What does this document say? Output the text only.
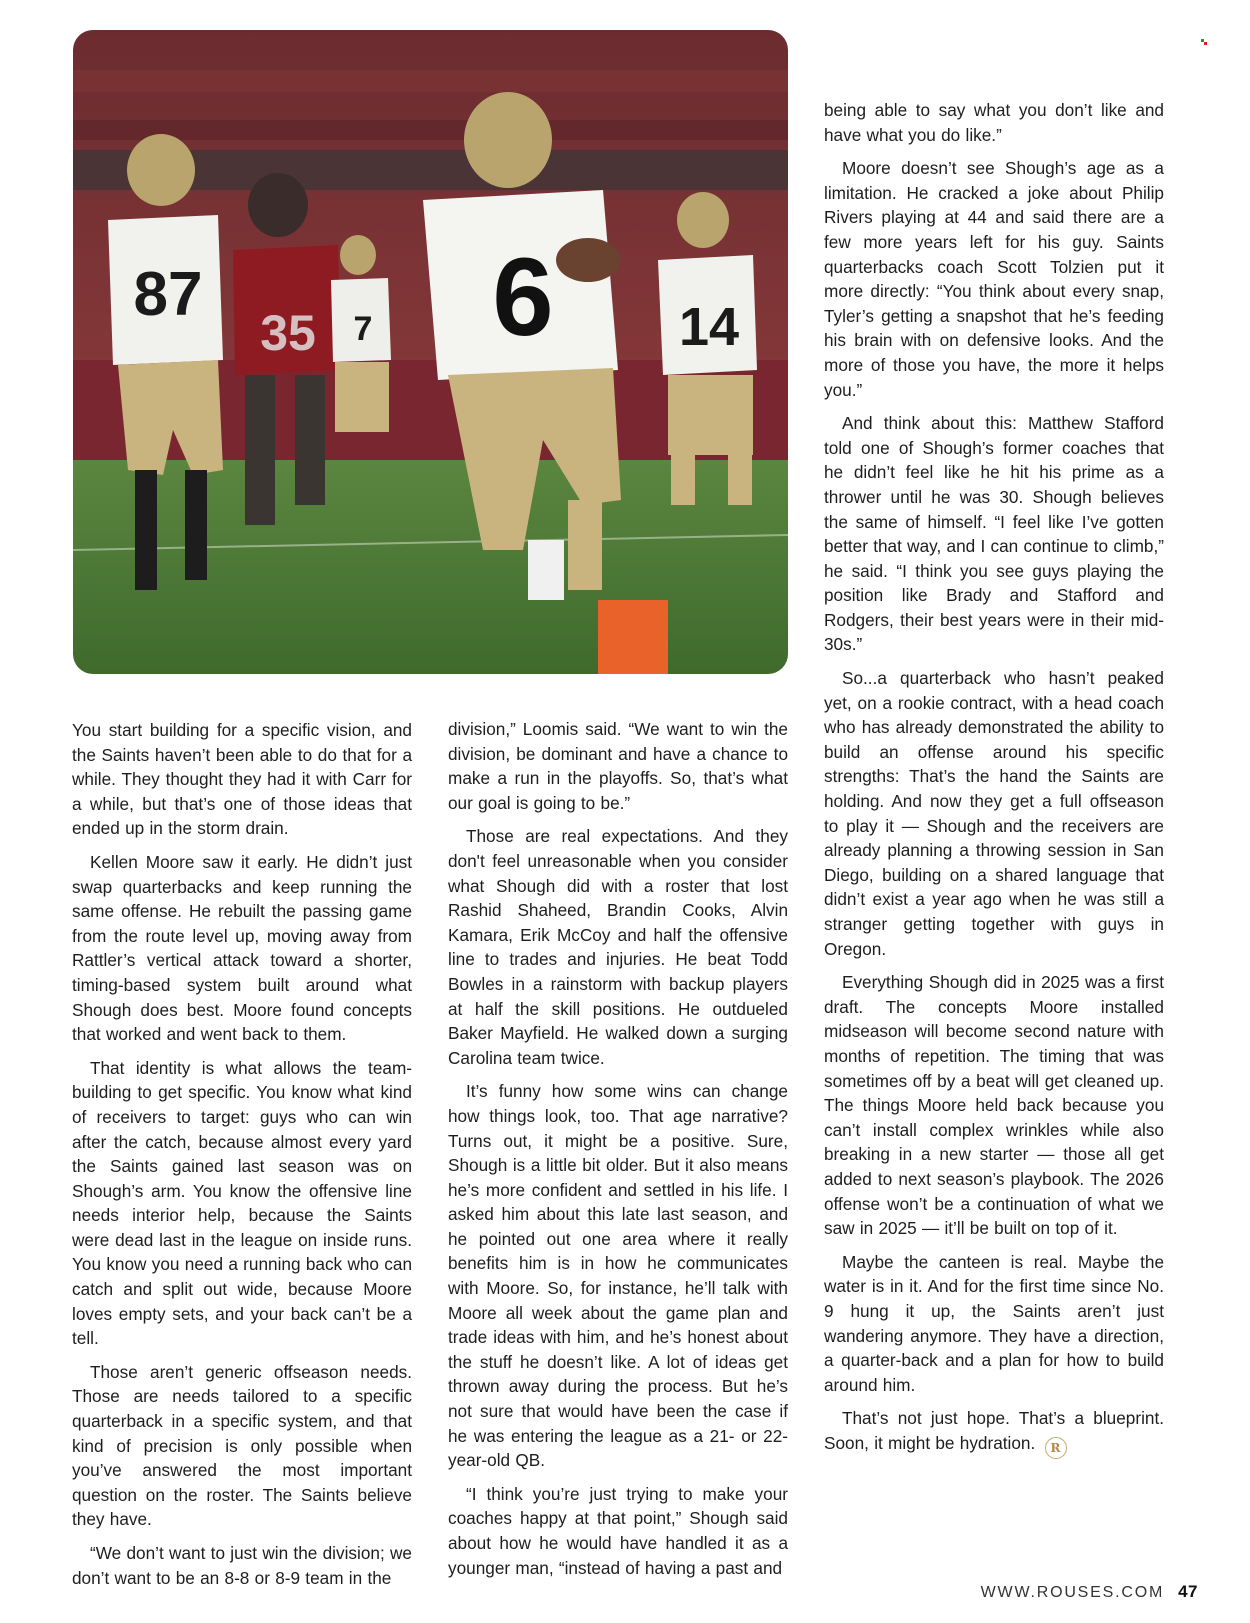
87
35 7 6 14

You start building for a specific vision, and the Saints haven’t been able to do that for a while. They thought they had it with Carr for a while, but that’s one of those ideas that ended up in the storm drain.

Kellen Moore saw it early. He didn’t just swap quarterbacks and keep running the same offense. He rebuilt the passing game from the route level up, moving away from Rattler’s vertical attack toward a shorter, timing-based system built around what Shough does best. Moore found concepts that worked and went back to them.

That identity is what allows the team-building to get specific. You know what kind of receivers to target: guys who can win after the catch, because almost every yard the Saints gained last season was on Shough’s arm. You know the offensive line needs interior help, because the Saints were dead last in the league on inside runs. You know you need a running back who can catch and split out wide, because Moore loves empty sets, and your back can’t be a tell.

Those aren’t generic offseason needs. Those are needs tailored to a specific quarterback in a specific system, and that kind of precision is only possible when you’ve answered the most important question on the roster. The Saints believe they have.

“We don’t want to just win the division; we don’t want to be an 8-8 or 8-9 team in the

division,” Loomis said. “We want to win the division, be dominant and have a chance to make a run in the playoffs. So, that’s what our goal is going to be.”

Those are real expectations. And they don't feel unreasonable when you consider what Shough did with a roster that lost Rashid Shaheed, Brandin Cooks, Alvin Kamara, Erik McCoy and half the offensive line to trades and injuries. He beat Todd Bowles in a rainstorm with backup players at half the skill positions. He outdueled Baker Mayfield. He walked down a surging Carolina team twice.

It’s funny how some wins can change how things look, too. That age narrative? Turns out, it might be a positive. Sure, Shough is a little bit older. But it also means he’s more confident and settled in his life. I asked him about this late last season, and he pointed out one area where it really benefits him is in how he communicates with Moore. So, for instance, he’ll talk with Moore all week about the game plan and trade ideas with him, and he’s honest about the stuff he doesn’t like. A lot of ideas get thrown away during the process. But he’s not sure that would have been the case if he was entering the league as a 21- or 22-year-old QB.

“I think you’re just trying to make your coaches happy at that point,” Shough said about how he would have handled it as a younger man, “instead of having a past and

being able to say what you don’t like and have what you do like.”

Moore doesn’t see Shough’s age as a limitation. He cracked a joke about Philip Rivers playing at 44 and said there are a few more years left for his guy. Saints quarterbacks coach Scott Tolzien put it more directly: “You think about every snap, Tyler’s getting a snapshot that he’s feeding his brain with on defensive looks. And the more of those you have, the more it helps you.”

And think about this: Matthew Stafford told one of Shough’s former coaches that he didn’t feel like he hit his prime as a thrower until he was 30. Shough believes the same of himself. “I feel like I’ve gotten better that way, and I can continue to climb,” he said. “I think you see guys playing the position like Brady and Stafford and Rodgers, their best years were in their mid-30s.”

So...a quarterback who hasn’t peaked yet, on a rookie contract, with a head coach who has already demonstrated the ability to build an offense around his specific strengths: That’s the hand the Saints are holding. And now they get a full offseason to play it — Shough and the receivers are already planning a throwing session in San Diego, building on a shared language that didn’t exist a year ago when he was still a stranger getting together with guys in Oregon.

Everything Shough did in 2025 was a first draft. The concepts Moore installed midseason will become second nature with months of repetition. The timing that was sometimes off by a beat will get cleaned up. The things Moore held back because you can’t install complex wrinkles while also breaking in a new starter — those all get added to next season’s playbook. The 2026 offense won’t be a continuation of what we saw in 2025 — it’ll be built on top of it.

Maybe the canteen is real. Maybe the water is in it. And for the first time since No. 9 hung it up, the Saints aren’t just wandering anymore. They have a direction, a quarter-back and a plan for how to build around him.

That’s not just hope. That’s a blueprint. Soon, it might be hydration. R

WWW.ROUSES.COM 47
